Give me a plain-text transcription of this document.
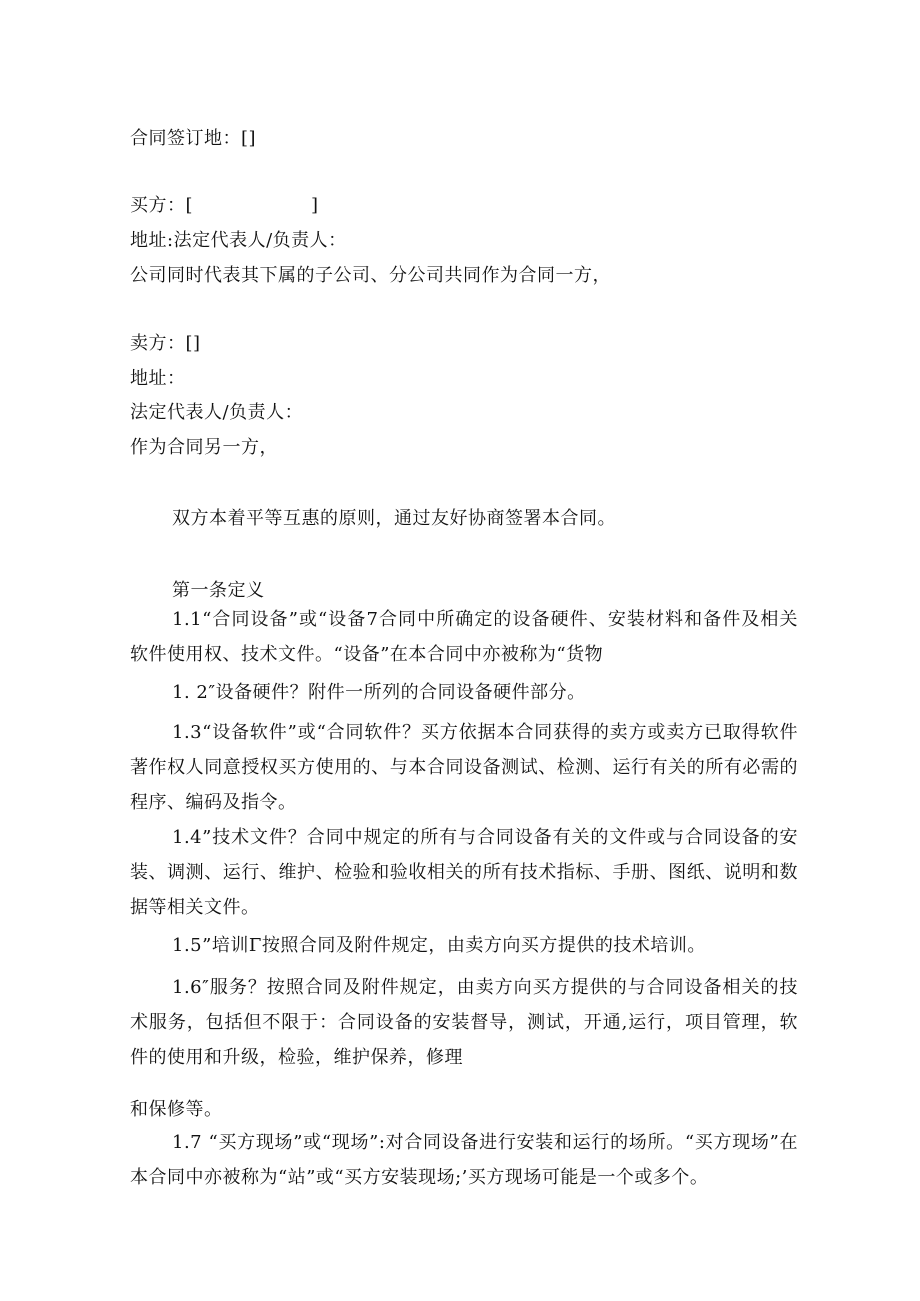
合同签订地：[]
买方：[	]
地址:法定代表人/负责人：
公司同时代表其下属的子公司、分公司共同作为合同一方，
卖方：[]
地址：
法定代表人/负责人：
作为合同另一方，
双方本着平等互惠的原则，通过友好协商签署本合同。
第一条定义
1.1“合同设备”或“设备7合同中所确定的设备硬件、安装材料和备件及相关软件使用权、技术文件。“设备”在本合同中亦被称为“货物
1. 2″设备硬件？附件一所列的合同设备硬件部分。
1.3“设备软件”或“合同软件？买方依据本合同获得的卖方或卖方已取得软件著作权人同意授权买方使用的、与本合同设备测试、检测、运行有关的所有必需的程序、编码及指令。
1.4”技术文件？合同中规定的所有与合同设备有关的文件或与合同设备的安装、调测、运行、维护、检验和验收相关的所有技术指标、手册、图纸、说明和数据等相关文件。
1.5”培训Γ按照合同及附件规定，由卖方向买方提供的技术培训。
1.6″服务？按照合同及附件规定，由卖方向买方提供的与合同设备相关的技术服务，包括但不限于：合同设备的安装督导，测试，开通,运行，项目管理，软件的使用和升级，检验，维护保养，修理
和保修等。
1.7 “买方现场”或“现场”:对合同设备进行安装和运行的场所。“买方现场”在本合同中亦被称为“站”或“买方安装现场;’买方现场可能是一个或多个。
